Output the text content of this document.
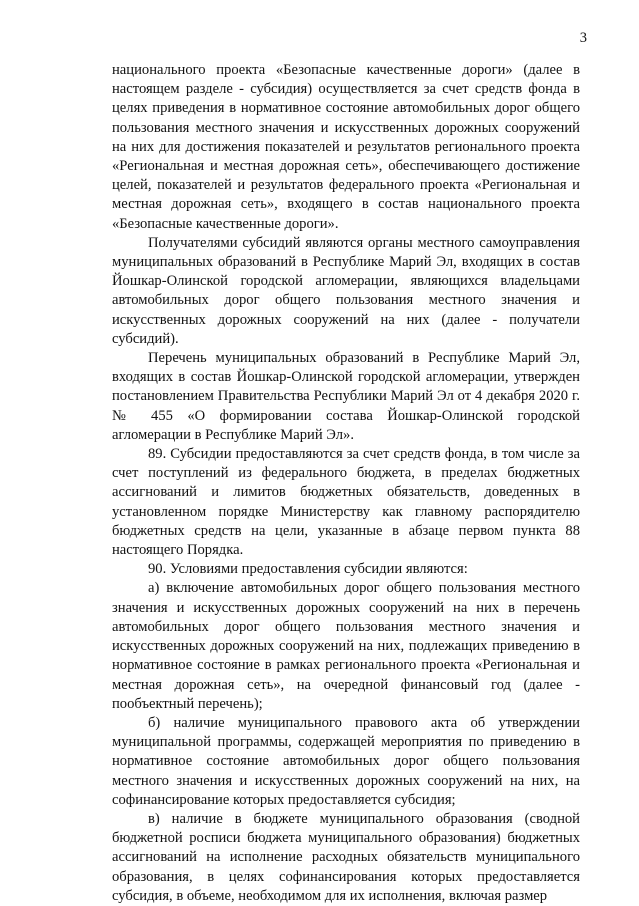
3

национального проекта «Безопасные качественные дороги» (далее в настоящем разделе - субсидия) осуществляется за счет средств фонда в целях приведения в нормативное состояние автомобильных дорог общего пользования местного значения и искусственных дорожных сооружений на них для достижения показателей и результатов регионального проекта «Региональная и местная дорожная сеть», обеспечивающего достижение целей, показателей и результатов федерального проекта «Региональная и местная дорожная сеть», входящего в состав национального проекта «Безопасные качественные дороги».

Получателями субсидий являются органы местного самоуправления муниципальных образований в Республике Марий Эл, входящих в состав Йошкар-Олинской городской агломерации, являющихся владельцами автомобильных дорог общего пользования местного значения и искусственных дорожных сооружений на них (далее - получатели субсидий).

Перечень муниципальных образований в Республике Марий Эл, входящих в состав Йошкар-Олинской городской агломерации, утвержден постановлением Правительства Республики Марий Эл от 4 декабря 2020 г. № 455 «О формировании состава Йошкар-Олинской городской агломерации в Республике Марий Эл».

89. Субсидии предоставляются за счет средств фонда, в том числе за счет поступлений из федерального бюджета, в пределах бюджетных ассигнований и лимитов бюджетных обязательств, доведенных в установленном порядке Министерству как главному распорядителю бюджетных средств на цели, указанные в абзаце первом пункта 88 настоящего Порядка.

90. Условиями предоставления субсидии являются:

а) включение автомобильных дорог общего пользования местного значения и искусственных дорожных сооружений на них в перечень автомобильных дорог общего пользования местного значения и искусственных дорожных сооружений на них, подлежащих приведению в нормативное состояние в рамках регионального проекта «Региональная и местная дорожная сеть», на очередной финансовый год (далее - пообъектный перечень);

б) наличие муниципального правового акта об утверждении муниципальной программы, содержащей мероприятия по приведению в нормативное состояние автомобильных дорог общего пользования местного значения и искусственных дорожных сооружений на них, на софинансирование которых предоставляется субсидия;

в) наличие в бюджете муниципального образования (сводной бюджетной росписи бюджета муниципального образования) бюджетных ассигнований на исполнение расходных обязательств муниципального образования, в целях софинансирования которых предоставляется субсидия, в объеме, необходимом для их исполнения, включая размер
